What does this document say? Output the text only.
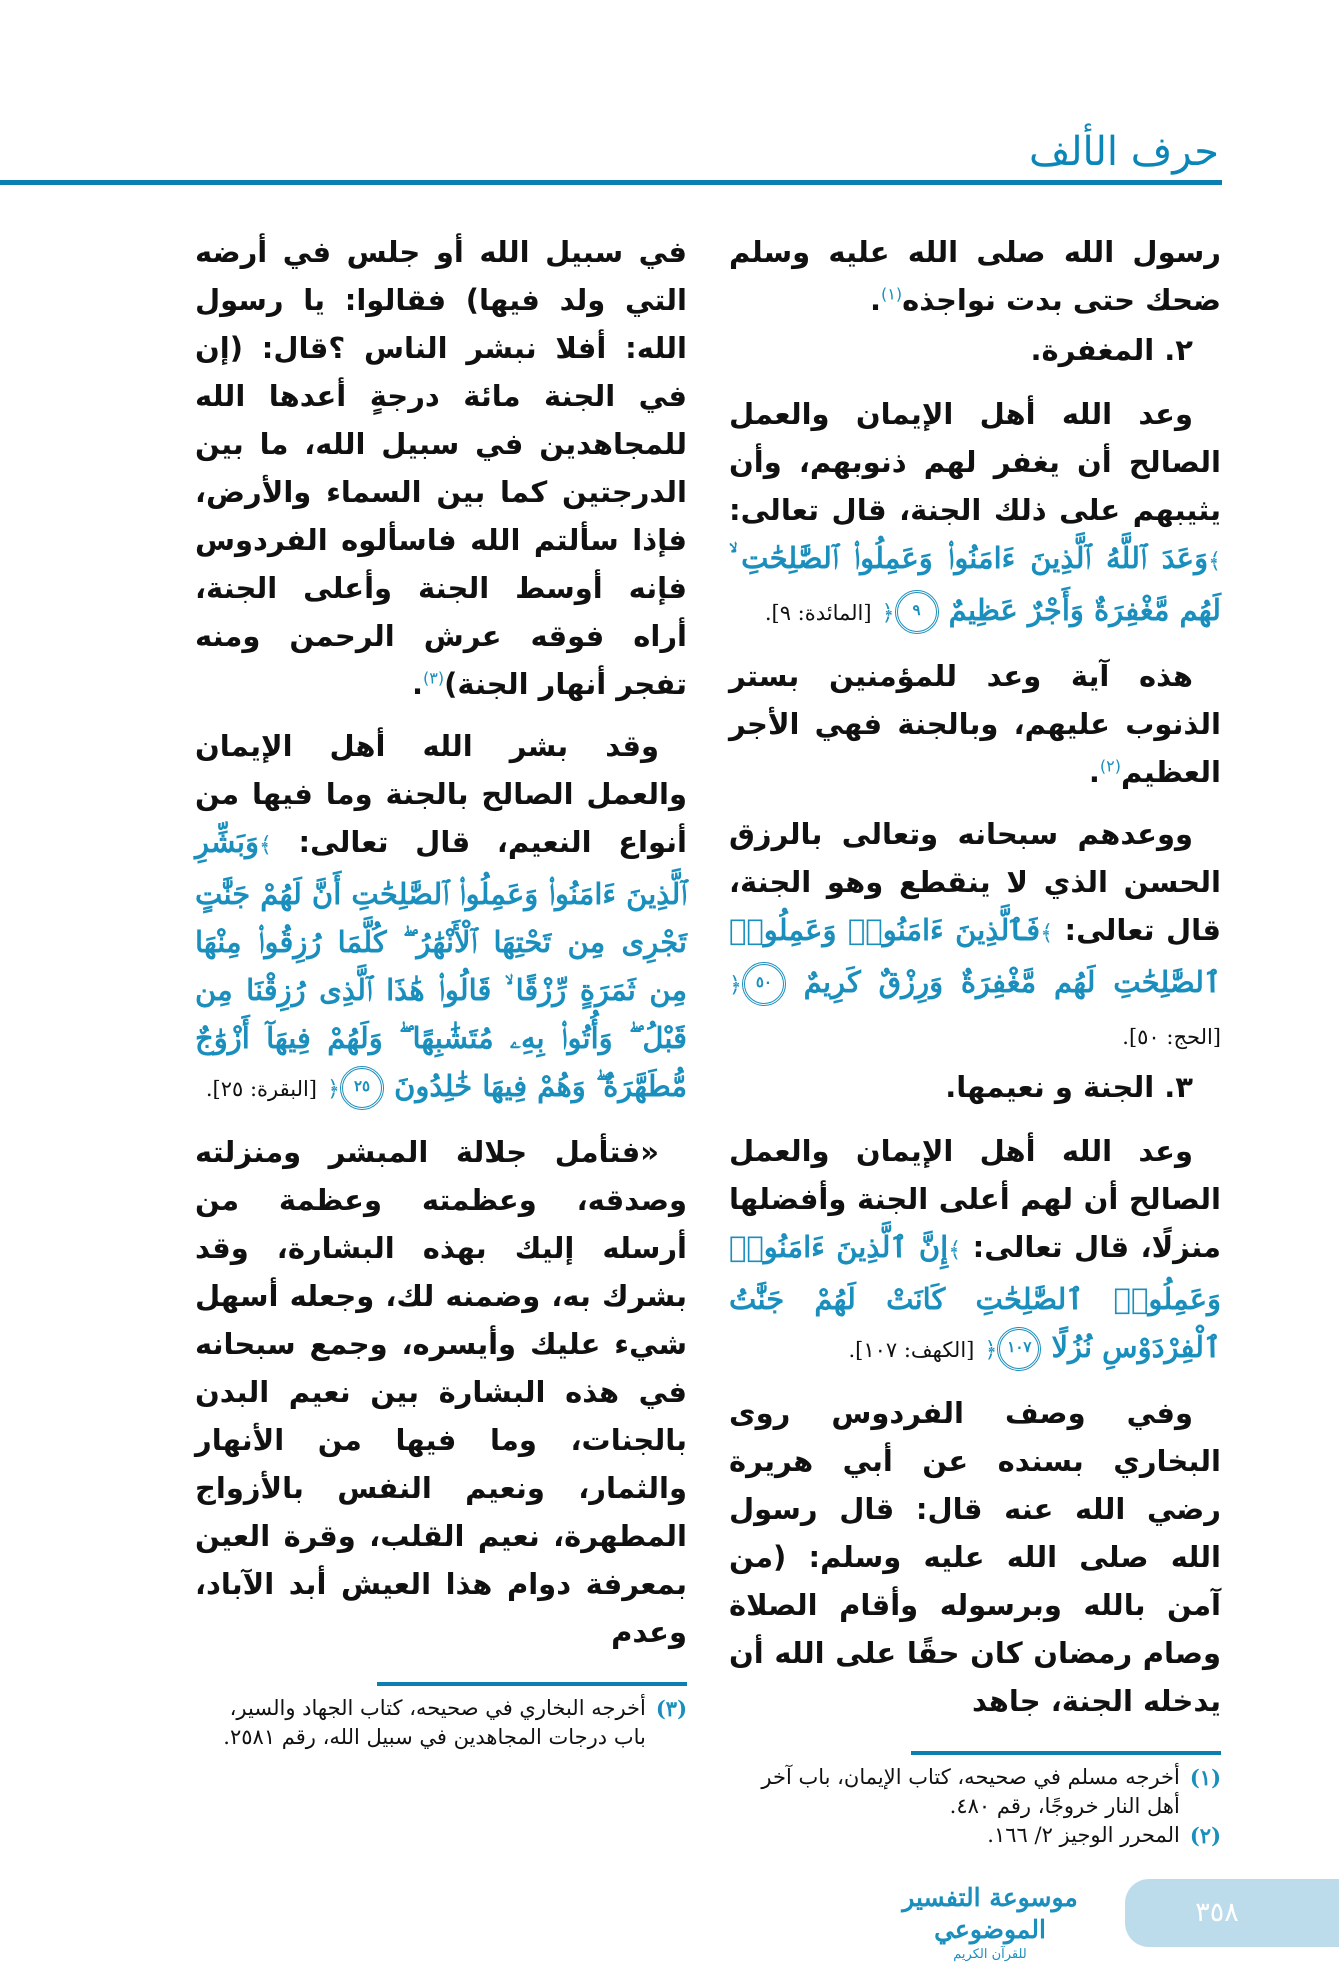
حرف الألف

رسول الله صلى الله عليه وسلم ضحك حتى بدت نواجذه$^{(١)}$.

٢. المغفرة.

وعد الله أهل الإيمان والعمل الصالح أن يغفر لهم ذنوبهم، وأن يثيبهم على ذلك الجنة، قال تعالى: ﴾وَعَدَ ٱللَّهُ ٱلَّذِينَ ءَامَنُوا۟ وَعَمِلُوا۟ ٱلصَّٰلِحَٰتِ ۙ لَهُم مَّغْفِرَةٌ وَأَجْرٌ عَظِيمٌ ٩﴿ [المائدة: ٩].

هذه آية وعد للمؤمنين بستر الذنوب عليهم، وبالجنة فهي الأجر العظيم$^{(٢)}$.

ووعدهم سبحانه وتعالى بالرزق الحسن الذي لا ينقطع وهو الجنة، قال تعالى: ﴾فَٱلَّذِينَ ءَامَنُوا۟ وَعَمِلُوا۟ ٱلصَّٰلِحَٰتِ لَهُم مَّغْفِرَةٌ وَرِزْقٌ كَرِيمٌ ٥٠﴿ [الحج: ٥٠].

٣. الجنة و نعيمها.

وعد الله أهل الإيمان والعمل الصالح أن لهم أعلى الجنة وأفضلها منزلًا، قال تعالى: ﴾إِنَّ ٱلَّذِينَ ءَامَنُوا۟ وَعَمِلُوا۟ ٱلصَّٰلِحَٰتِ كَانَتْ لَهُمْ جَنَّٰتُ ٱلْفِرْدَوْسِ نُزُلًا ١٠٧﴿ [الكهف: ١٠٧].

وفي وصف الفردوس روى البخاري بسنده عن أبي هريرة رضي الله عنه قال: قال رسول الله صلى الله عليه وسلم: (من آمن بالله وبرسوله وأقام الصلاة وصام رمضان كان حقًا على الله أن يدخله الجنة، جاهد

(١)
أخرجه مسلم في صحيحه، كتاب الإيمان، باب آخر أهل النار خروجًا، رقم ٤٨٠.
(٢)
المحرر الوجيز ٢/ ١٦٦.

في سبيل الله أو جلس في أرضه التي ولد فيها) فقالوا: يا رسول الله: أفلا نبشر الناس ؟قال: (إن في الجنة مائة درجةٍ أعدها الله للمجاهدين في سبيل الله، ما بين الدرجتين كما بين السماء والأرض، فإذا سألتم الله فاسألوه الفردوس فإنه أوسط الجنة وأعلى الجنة، أراه فوقه عرش الرحمن ومنه تفجر أنهار الجنة)$^{(٣)}$.

وقد بشر الله أهل الإيمان والعمل الصالح بالجنة وما فيها من أنواع النعيم، قال تعالى: ﴾وَبَشِّرِ ٱلَّذِينَ ءَامَنُوا۟ وَعَمِلُوا۟ ٱلصَّٰلِحَٰتِ أَنَّ لَهُمْ جَنَّٰتٍ تَجْرِى مِن تَحْتِهَا ٱلْأَنْهَٰرُ ۖ كُلَّمَا رُزِقُوا۟ مِنْهَا مِن ثَمَرَةٍ رِّزْقًا ۙ قَالُوا۟ هَٰذَا ٱلَّذِى رُزِقْنَا مِن قَبْلُ ۖ وَأُتُوا۟ بِهِۦ مُتَشَٰبِهًا ۖ وَلَهُمْ فِيهَآ أَزْوَٰجٌ مُّطَهَّرَةٌ ۖ وَهُمْ فِيهَا خَٰلِدُونَ ٢٥﴿ [البقرة: ٢٥].

«فتأمل جلالة المبشر ومنزلته وصدقه، وعظمته وعظمة من أرسله إليك بهذه البشارة، وقد بشرك به، وضمنه لك، وجعله أسهل شيء عليك وأيسره، وجمع سبحانه في هذه البشارة بين نعيم البدن بالجنات، وما فيها من الأنهار والثمار، ونعيم النفس بالأزواج المطهرة، نعيم القلب، وقرة العين بمعرفة دوام هذا العيش أبد الآباد، وعدم

(٣)
أخرجه البخاري في صحيحه، كتاب الجهاد والسير، باب درجات المجاهدين في سبيل الله، رقم ٢٥٨١.
موسوعة التفسير الموضوعي
للقرآن الكريم
٣٥٨
